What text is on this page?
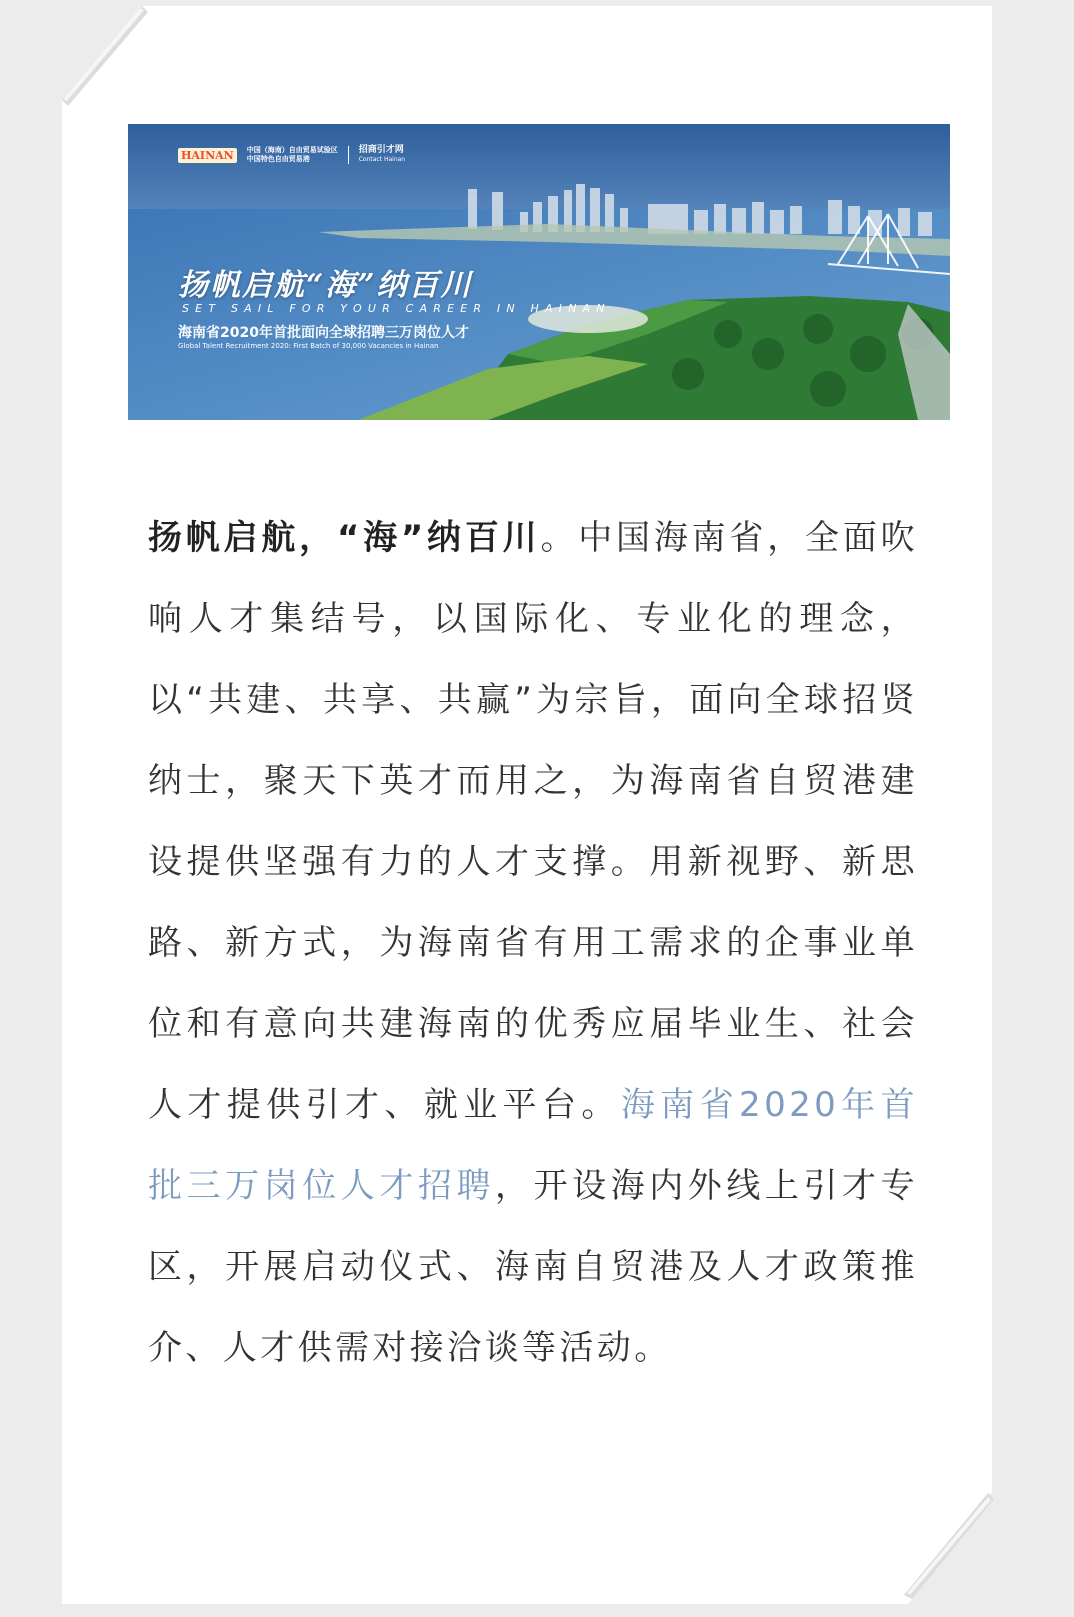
HAINAN	中国（海南）自由贸易试验区
中国特色自由贸易港
招商引才网
Contact Hainan
扬帆启航“海”纳百川
SET SAIL FOR YOUR CAREER IN HAINAN
海南省2020年首批面向全球招聘三万岗位人才
Global Talent Recruitment 2020: First Batch of 30,000 Vacancies in Hainan

扬帆启航，“海”纳百川。中国海南省，全面吹响人才集结号，以国际化、专业化的理念，以“共建、共享、共赢”为宗旨，面向全球招贤纳士，聚天下英才而用之，为海南省自贸港建设提供坚强有力的人才支撑。用新视野、新思路、新方式，为海南省有用工需求的企事业单位和有意向共建海南的优秀应届毕业生、社会人才提供引才、就业平台。海南省2020年首批三万岗位人才招聘，开设海内外线上引才专区，开展启动仪式、海南自贸港及人才政策推介、人才供需对接洽谈等活动。
